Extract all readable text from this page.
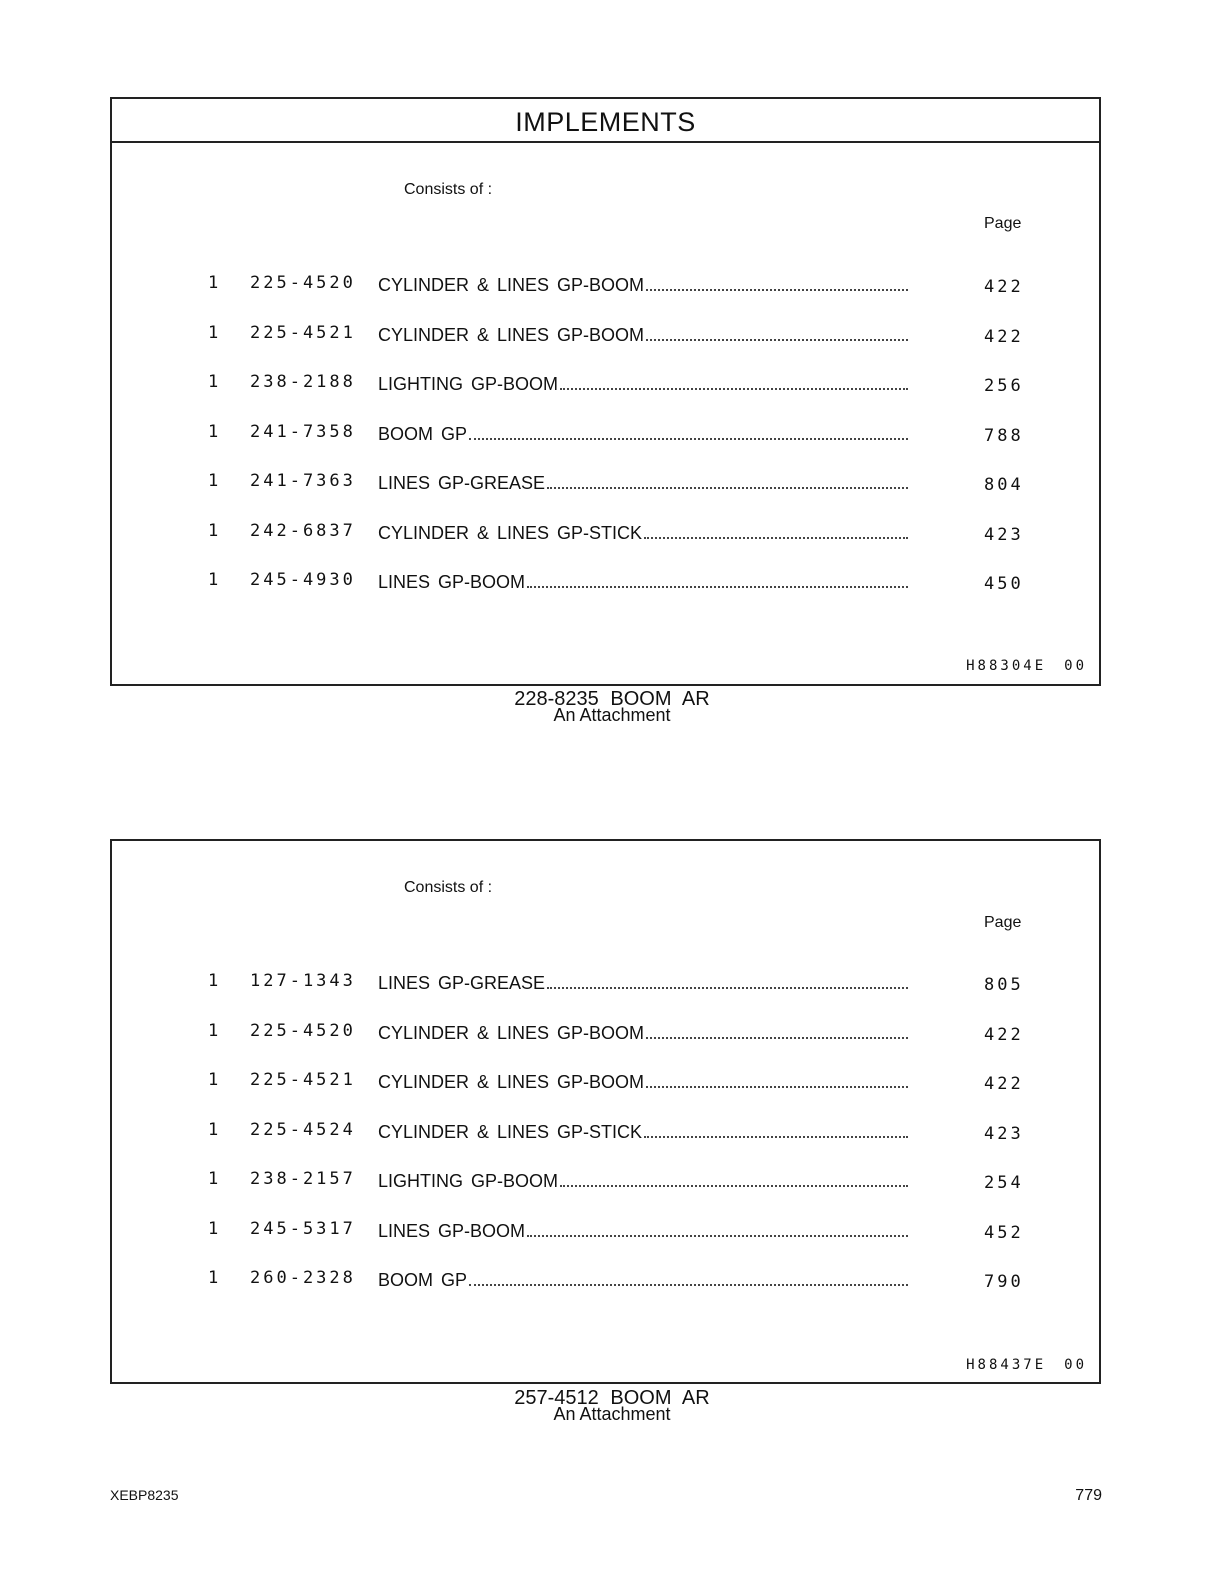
IMPLEMENTS
Consists of :
Page
1 225-4520 CYLINDER & LINES GP-BOOM	422
1 225-4521 CYLINDER & LINES GP-BOOM	422
1 238-2188 LIGHTING GP-BOOM	256
1 241-7358 BOOM GP	788
1 241-7363 LINES GP-GREASE	804
1 242-6837 CYLINDER & LINES GP-STICK	423
1 245-4930 LINES GP-BOOM	450
H88304E 00
228-8235 BOOM AR
An Attachment
Consists of :
Page
1 127-1343 LINES GP-GREASE	805
1 225-4520 CYLINDER & LINES GP-BOOM	422
1 225-4521 CYLINDER & LINES GP-BOOM	422
1 225-4524 CYLINDER & LINES GP-STICK	423
1 238-2157 LIGHTING GP-BOOM	254
1 245-5317 LINES GP-BOOM	452
1 260-2328 BOOM GP	790
H88437E 00
257-4512 BOOM AR
An Attachment
XEBP8235	779
